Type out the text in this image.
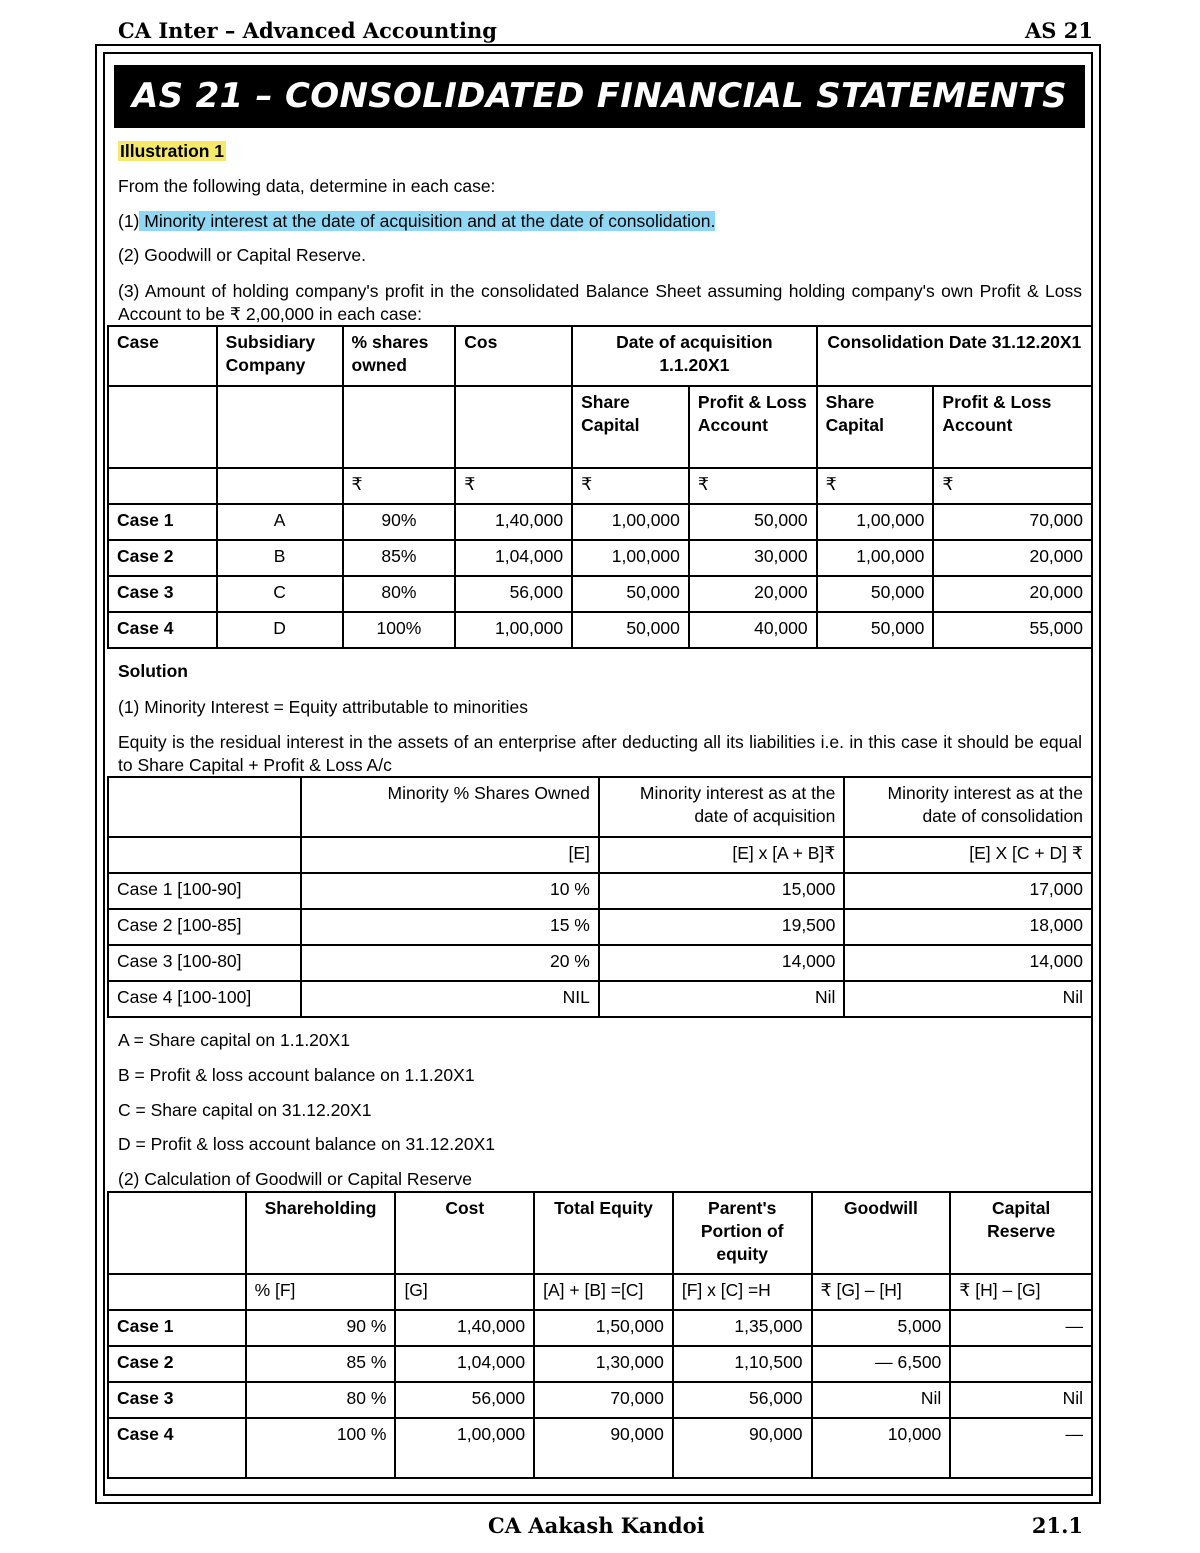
CA Inter – Advanced Accounting	AS 21
AS 21 – CONSOLIDATED FINANCIAL STATEMENTS
Illustration 1
From the following data, determine in each case:
(1) Minority interest at the date of acquisition and at the date of consolidation.
(2) Goodwill or Capital Reserve.
(3) Amount of holding company's profit in the consolidated Balance Sheet assuming holding company's own Profit & Loss Account to be ₹ 2,00,000 in each case:
Case	Subsidiary Company	% shares owned	Cos	Date of acquisition 1.1.20X1		Consolidation Date 31.12.20X1	
				Share Capital	Profit & Loss Account	Share Capital	Profit & Loss Account
		₹	₹	₹	₹	₹	₹
Case 1	A	90%	1,40,000	1,00,000	50,000	1,00,000	70,000
Case 2	B	85%	1,04,000	1,00,000	30,000	1,00,000	20,000
Case 3	C	80%	56,000	50,000	20,000	50,000	20,000
Case 4	D	100%	1,00,000	50,000	40,000	50,000	55,000
Solution
(1) Minority Interest = Equity attributable to minorities
Equity is the residual interest in the assets of an enterprise after deducting all its liabilities i.e. in this case it should be equal to Share Capital + Profit & Loss A/c
	Minority % Shares Owned	Minority interest as at the date of acquisition	Minority interest as at the date of consolidation
	[E]	[E] x [A + B]₹	[E] X [C + D] ₹
Case 1 [100-90]	10 %	15,000	17,000
Case 2 [100-85]	15 %	19,500	18,000
Case 3 [100-80]	20 %	14,000	14,000
Case 4 [100-100]	NIL	Nil	Nil
A = Share capital on 1.1.20X1
B = Profit & loss account balance on 1.1.20X1
C = Share capital on 31.12.20X1
D = Profit & loss account balance on 31.12.20X1
(2) Calculation of Goodwill or Capital Reserve
	Shareholding	Cost	Total Equity	Parent's Portion of equity	Goodwill	Capital Reserve
	% [F]	[G]	[A] + [B] =[C]	[F] x [C] =H	₹ [G] – [H]	₹ [H] – [G]
Case 1	90 %	1,40,000	1,50,000	1,35,000	5,000	—
Case 2	85 %	1,04,000	1,30,000	1,10,500	— 6,500	
Case 3	80 %	56,000	70,000	56,000	Nil	Nil
Case 4	100 %	1,00,000	90,000	90,000	10,000	—
CA Aakash Kandoi	21.1
